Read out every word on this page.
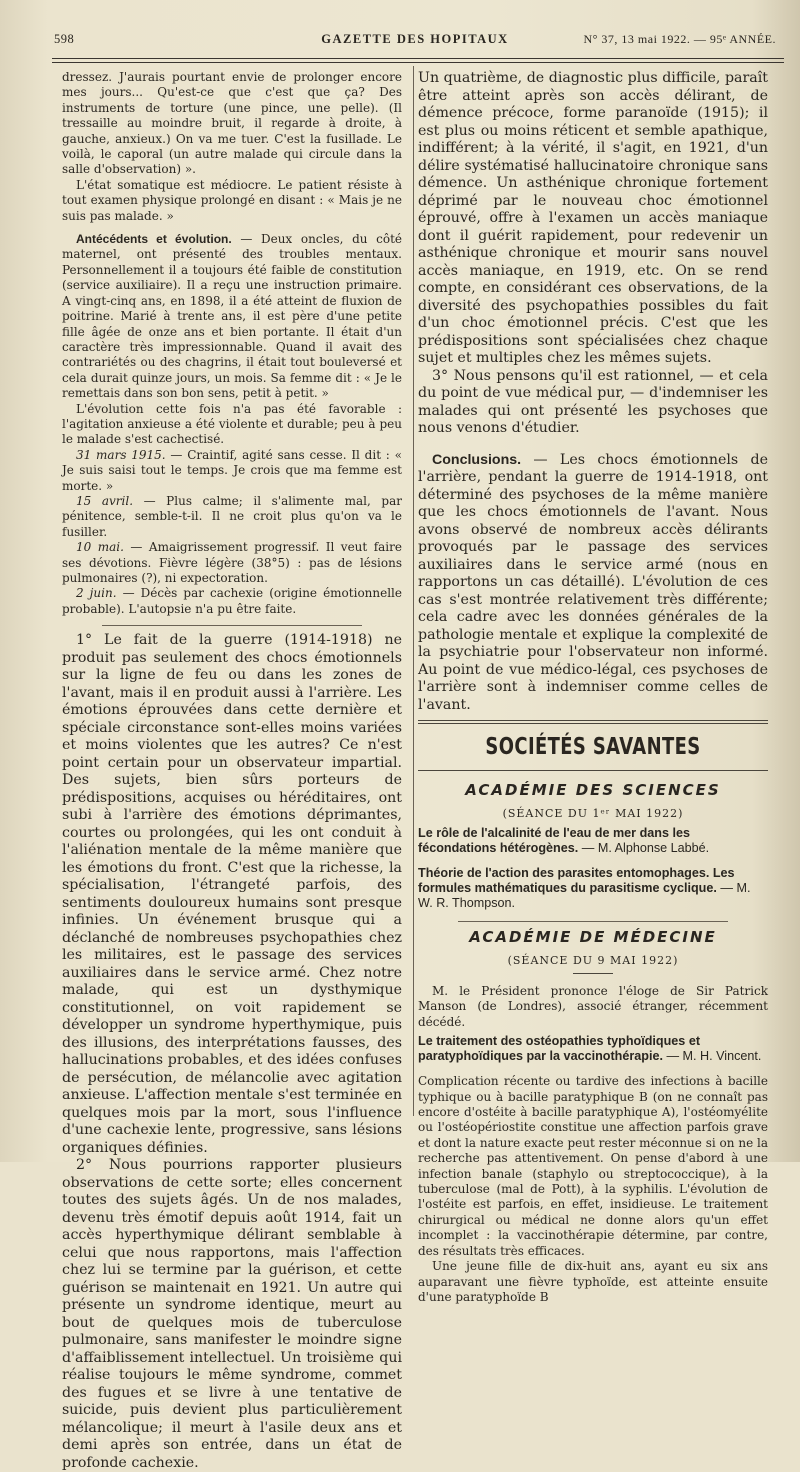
598	GAZETTE DES HOPITAUX	N° 37, 13 mai 1922. — 95ᵉ ANNÉE.

dressez. J'aurais pourtant envie de prolonger encore mes jours... Qu'est-ce que c'est que ça? Des instruments de torture (une pince, une pelle). (Il tressaille au moindre bruit, il regarde à droite, à gauche, anxieux.) On va me tuer. C'est la fusillade. Le voilà, le caporal (un autre malade qui circule dans la salle d'observation) ».

L'état somatique est médiocre. Le patient résiste à tout examen physique prolongé en disant : « Mais je ne suis pas malade. »

Antécédents et évolution. — Deux oncles, du côté maternel, ont présenté des troubles mentaux. Personnellement il a toujours été faible de constitution (service auxiliaire). Il a reçu une instruction primaire. A vingt-cinq ans, en 1898, il a été atteint de fluxion de poitrine. Marié à trente ans, il est père d'une petite fille âgée de onze ans et bien portante. Il était d'un caractère très impressionnable. Quand il avait des contrariétés ou des chagrins, il était tout bouleversé et cela durait quinze jours, un mois. Sa femme dit : « Je le remettais dans son bon sens, petit à petit. »

L'évolution cette fois n'a pas été favorable : l'agitation anxieuse a été violente et durable; peu à peu le malade s'est cachectisé.

31 mars 1915. — Craintif, agité sans cesse. Il dit : « Je suis saisi tout le temps. Je crois que ma femme est morte. »

15 avril. — Plus calme; il s'alimente mal, par pénitence, semble-t-il. Il ne croit plus qu'on va le fusiller.

10 mai. — Amaigrissement progressif. Il veut faire ses dévotions. Fièvre légère (38°5) : pas de lésions pulmonaires (?), ni expectoration.

2 juin. — Décès par cachexie (origine émotionnelle probable). L'autopsie n'a pu être faite.

1° Le fait de la guerre (1914-1918) ne produit pas seulement des chocs émotionnels sur la ligne de feu ou dans les zones de l'avant, mais il en produit aussi à l'arrière. Les émotions éprouvées dans cette dernière et spéciale circonstance sont-elles moins variées et moins violentes que les autres? Ce n'est point certain pour un observateur impartial. Des sujets, bien sûrs porteurs de prédispositions, acquises ou héréditaires, ont subi à l'arrière des émotions déprimantes, courtes ou prolongées, qui les ont conduit à l'aliénation mentale de la même manière que les émotions du front. C'est que la richesse, la spécialisation, l'étrangeté parfois, des sentiments douloureux humains sont presque infinies. Un événement brusque qui a déclanché de nombreuses psychopathies chez les militaires, est le passage des services auxiliaires dans le service armé. Chez notre malade, qui est un dysthymique constitutionnel, on voit rapidement se développer un syndrome hyperthymique, puis des illusions, des interprétations fausses, des hallucinations probables, et des idées confuses de persécution, de mélancolie avec agitation anxieuse. L'affection mentale s'est terminée en quelques mois par la mort, sous l'influence d'une cachexie lente, progressive, sans lésions organiques définies.

2° Nous pourrions rapporter plusieurs observations de cette sorte; elles concernent toutes des sujets âgés. Un de nos malades, devenu très émotif depuis août 1914, fait un accès hyperthymique délirant semblable à celui que nous rapportons, mais l'affection chez lui se termine par la guérison, et cette guérison se maintenait en 1921. Un autre qui présente un syndrome identique, meurt au bout de quelques mois de tuberculose pulmonaire, sans manifester le moindre signe d'affaiblissement intellectuel. Un troisième qui réalise toujours le même syndrome, commet des fugues et se livre à une tentative de suicide, puis devient plus particulièrement mélancolique; il meurt à l'asile deux ans et demi après son entrée, dans un état de profonde cachexie.

Un quatrième, de diagnostic plus difficile, paraît être atteint après son accès délirant, de démence précoce, forme paranoïde (1915); il est plus ou moins réticent et semble apathique, indifférent; à la vérité, il s'agit, en 1921, d'un délire systématisé hallucinatoire chronique sans démence. Un asthénique chronique fortement déprimé par le nouveau choc émotionnel éprouvé, offre à l'examen un accès maniaque dont il guérit rapidement, pour redevenir un asthénique chronique et mourir sans nouvel accès maniaque, en 1919, etc. On se rend compte, en considérant ces observations, de la diversité des psychopathies possibles du fait d'un choc émotionnel précis. C'est que les prédispositions sont spécialisées chez chaque sujet et multiples chez les mêmes sujets.

3° Nous pensons qu'il est rationnel, — et cela du point de vue médical pur, — d'indemniser les malades qui ont présenté les psychoses que nous venons d'étudier.

Conclusions. — Les chocs émotionnels de l'arrière, pendant la guerre de 1914-1918, ont déterminé des psychoses de la même manière que les chocs émotionnels de l'avant. Nous avons observé de nombreux accès délirants provoqués par le passage des services auxiliaires dans le service armé (nous en rapportons un cas détaillé). L'évolution de ces cas s'est montrée relativement très différente; cela cadre avec les données générales de la pathologie mentale et explique la complexité de la psychiatrie pour l'observateur non informé. Au point de vue médico-légal, ces psychoses de l'arrière sont à indemniser comme celles de l'avant.

SOCIÉTÉS SAVANTES
ACADÉMIE DES SCIENCES
(SÉANCE DU 1ᵉʳ MAI 1922)

Le rôle de l'alcalinité de l'eau de mer dans les fécondations hétérogènes. — M. Alphonse Labbé.

Théorie de l'action des parasites entomophages. Les formules mathématiques du parasitisme cyclique. — M. W. R. Thompson.

ACADÉMIE DE MÉDECINE
(SÉANCE DU 9 MAI 1922)

M. le Président prononce l'éloge de Sir Patrick Manson (de Londres), associé étranger, récemment décédé.

Le traitement des ostéopathies typhoïdiques et paratyphoïdiques par la vaccinothérapie. — M. H. Vincent.

Complication récente ou tardive des infections à bacille typhique ou à bacille paratyphique B (on ne connaît pas encore d'ostéite à bacille paratyphique A), l'ostéomyélite ou l'ostéopériostite constitue une affection parfois grave et dont la nature exacte peut rester méconnue si on ne la recherche pas attentivement. On pense d'abord à une infection banale (staphylo ou streptococcique), à la tuberculose (mal de Pott), à la syphilis. L'évolution de l'ostéite est parfois, en effet, insidieuse. Le traitement chirurgical ou médical ne donne alors qu'un effet incomplet : la vaccinothérapie détermine, par contre, des résultats très efficaces.

Une jeune fille de dix-huit ans, ayant eu six ans auparavant une fièvre typhoïde, est atteinte ensuite d'une paratyphoïde B
